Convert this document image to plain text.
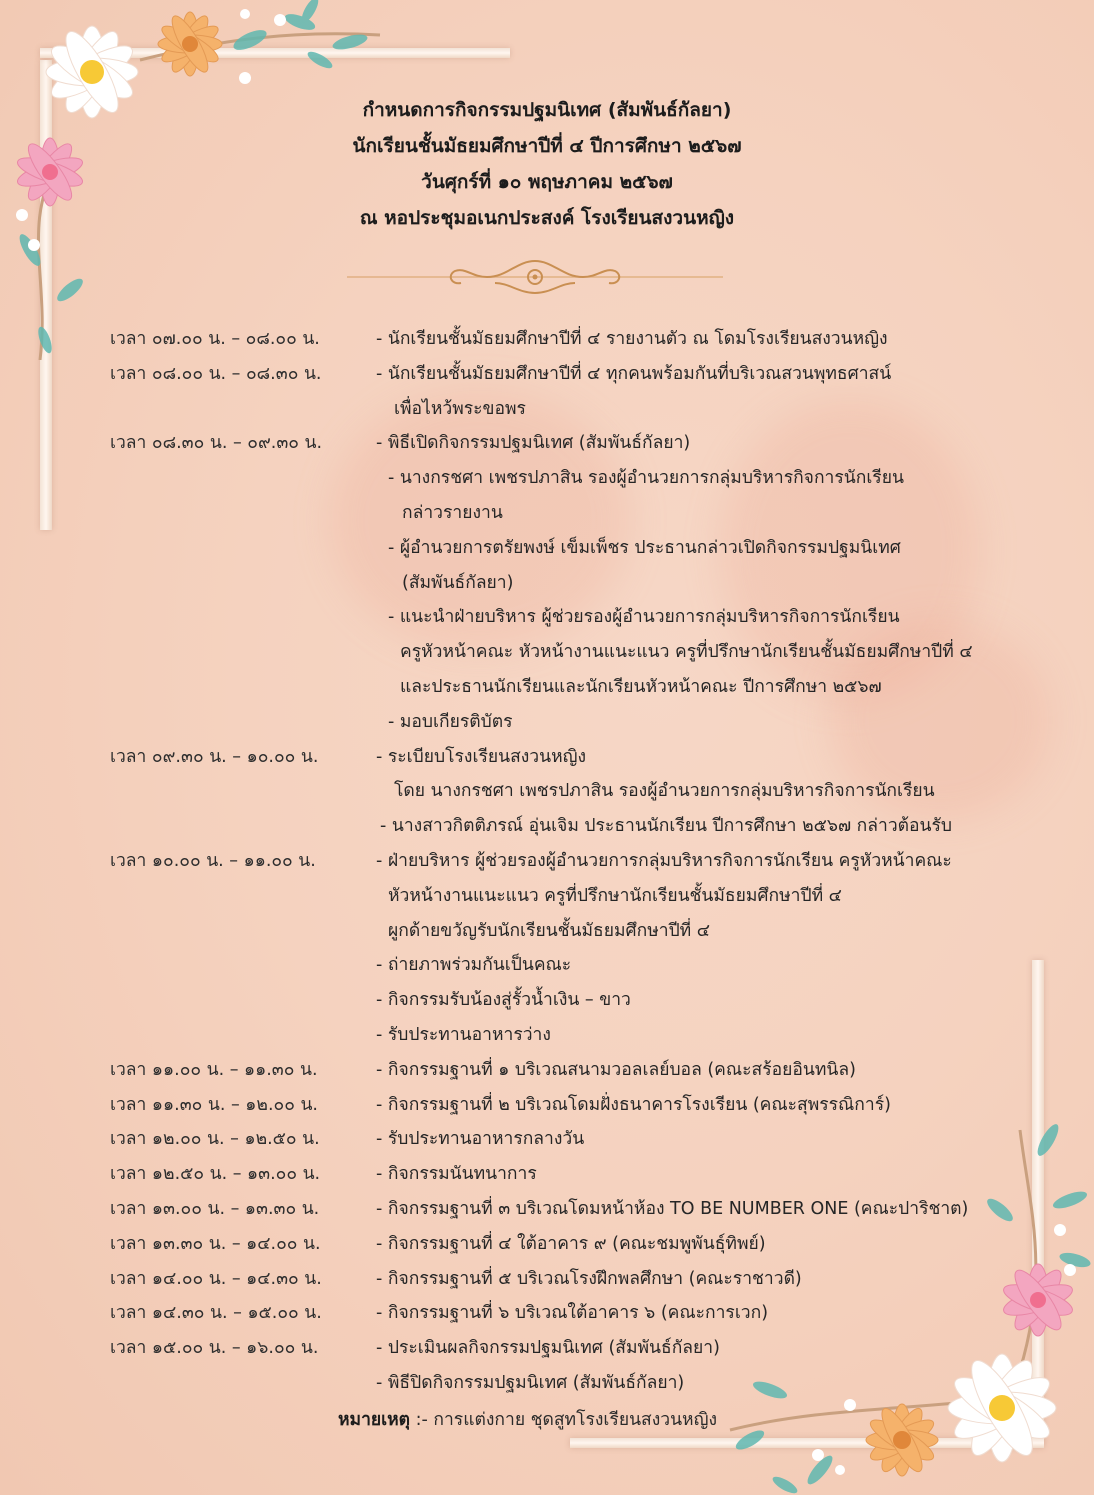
กำหนดการกิจกรรมปฐมนิเทศ (สัมพันธ์กัลยา)
นักเรียนชั้นมัธยมศึกษาปีที่ ๔ ปีการศึกษา ๒๕๖๗
วันศุกร์ที่ ๑๐ พฤษภาคม ๒๕๖๗
ณ หอประชุมอเนกประสงค์ โรงเรียนสงวนหญิง
เวลา ๐๗.๐๐ น. – ๐๘.๐๐ น.	- นักเรียนชั้นมัธยมศึกษาปีที่ ๔ รายงานตัว ณ โดมโรงเรียนสงวนหญิง
เวลา ๐๘.๐๐ น. – ๐๘.๓๐ น.	- นักเรียนชั้นมัธยมศึกษาปีที่ ๔ ทุกคนพร้อมกันที่บริเวณสวนพุทธศาสน์
เพื่อไหว้พระขอพร
เวลา ๐๘.๓๐ น. – ๐๙.๓๐ น.	- พิธีเปิดกิจกรรมปฐมนิเทศ (สัมพันธ์กัลยา)
- นางกรชศา เพชรปภาสิน รองผู้อำนวยการกลุ่มบริหารกิจการนักเรียน
กล่าวรายงาน
- ผู้อำนวยการตรัยพงษ์ เข็มเพ็ชร ประธานกล่าวเปิดกิจกรรมปฐมนิเทศ
(สัมพันธ์กัลยา)
- แนะนำฝ่ายบริหาร ผู้ช่วยรองผู้อำนวยการกลุ่มบริหารกิจการนักเรียน
ครูหัวหน้าคณะ หัวหน้างานแนะแนว ครูที่ปรึกษานักเรียนชั้นมัธยมศึกษาปีที่ ๔
และประธานนักเรียนและนักเรียนหัวหน้าคณะ ปีการศึกษา ๒๕๖๗
- มอบเกียรติบัตร
เวลา ๐๙.๓๐ น. – ๑๐.๐๐ น.	- ระเบียบโรงเรียนสงวนหญิง
โดย นางกรชศา เพชรปภาสิน รองผู้อำนวยการกลุ่มบริหารกิจการนักเรียน
- นางสาวกิตติภรณ์ อุ่นเจิม ประธานนักเรียน ปีการศึกษา ๒๕๖๗ กล่าวต้อนรับ
เวลา ๑๐.๐๐ น. – ๑๑.๐๐ น.	- ฝ่ายบริหาร ผู้ช่วยรองผู้อำนวยการกลุ่มบริหารกิจการนักเรียน ครูหัวหน้าคณะ
หัวหน้างานแนะแนว ครูที่ปรึกษานักเรียนชั้นมัธยมศึกษาปีที่ ๔
ผูกด้ายขวัญรับนักเรียนชั้นมัธยมศึกษาปีที่ ๔
- ถ่ายภาพร่วมกันเป็นคณะ
- กิจกรรมรับน้องสู่รั้วน้ำเงิน – ขาว
- รับประทานอาหารว่าง
เวลา ๑๑.๐๐ น. – ๑๑.๓๐ น.	- กิจกรรมฐานที่ ๑ บริเวณสนามวอลเลย์บอล (คณะสร้อยอินทนิล)
เวลา ๑๑.๓๐ น. – ๑๒.๐๐ น.	- กิจกรรมฐานที่ ๒ บริเวณโดมฝั่งธนาคารโรงเรียน (คณะสุพรรณิการ์)
เวลา ๑๒.๐๐ น. – ๑๒.๕๐ น.	- รับประทานอาหารกลางวัน
เวลา ๑๒.๕๐ น. – ๑๓.๐๐ น.	- กิจกรรมนันทนาการ
เวลา ๑๓.๐๐ น. – ๑๓.๓๐ น.	- กิจกรรมฐานที่ ๓ บริเวณโดมหน้าห้อง TO BE NUMBER ONE (คณะปาริชาต)
เวลา ๑๓.๓๐ น. – ๑๔.๐๐ น.	- กิจกรรมฐานที่ ๔ ใต้อาคาร ๙ (คณะชมพูพันธุ์ทิพย์)
เวลา ๑๔.๐๐ น. – ๑๔.๓๐ น.	- กิจกรรมฐานที่ ๕ บริเวณโรงฝึกพลศึกษา (คณะราชาวดี)
เวลา ๑๔.๓๐ น. – ๑๕.๐๐ น.	- กิจกรรมฐานที่ ๖ บริเวณใต้อาคาร ๖ (คณะการเวก)
เวลา ๑๕.๐๐ น. – ๑๖.๐๐ น.	- ประเมินผลกิจกรรมปฐมนิเทศ (สัมพันธ์กัลยา)
- พิธีปิดกิจกรรมปฐมนิเทศ (สัมพันธ์กัลยา)
หมายเหตุ :- การแต่งกาย ชุดสูทโรงเรียนสงวนหญิง
